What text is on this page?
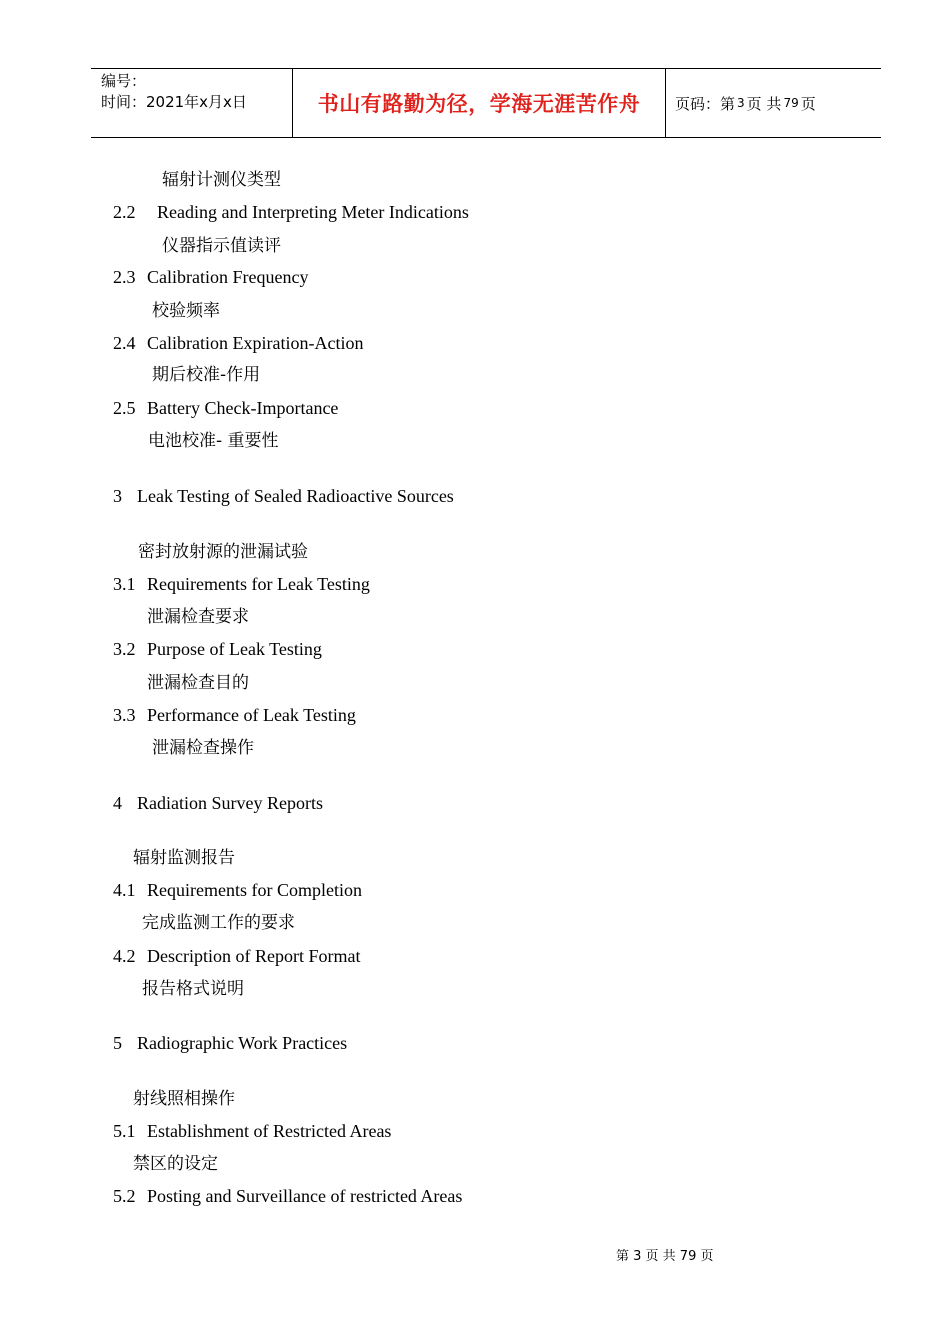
编号：
时间：2021年x月x日	书山有路勤为径，学海无涯苦作舟	页码：第 3 页 共 79 页
辐射计测仪类型
2.2 Reading and Interpreting Meter Indications
仪器指示值读评
2.3 Calibration Frequency
校验频率
2.4 Calibration Expiration-Action
期后校准-作用
2.5 Battery Check-Importance
电池校准- 重要性
3 Leak Testing of Sealed Radioactive Sources
密封放射源的泄漏试验
3.1 Requirements for Leak Testing
泄漏检查要求
3.2 Purpose of Leak Testing
泄漏检查目的
3.3 Performance of Leak Testing
泄漏检查操作
4 Radiation Survey Reports
辐射监测报告
4.1 Requirements for Completion
完成监测工作的要求
4.2 Description of Report Format
报告格式说明
5 Radiographic Work Practices
射线照相操作
5.1 Establishment of Restricted Areas
禁区的设定
5.2 Posting and Surveillance of restricted Areas
第 3 页 共 79 页
